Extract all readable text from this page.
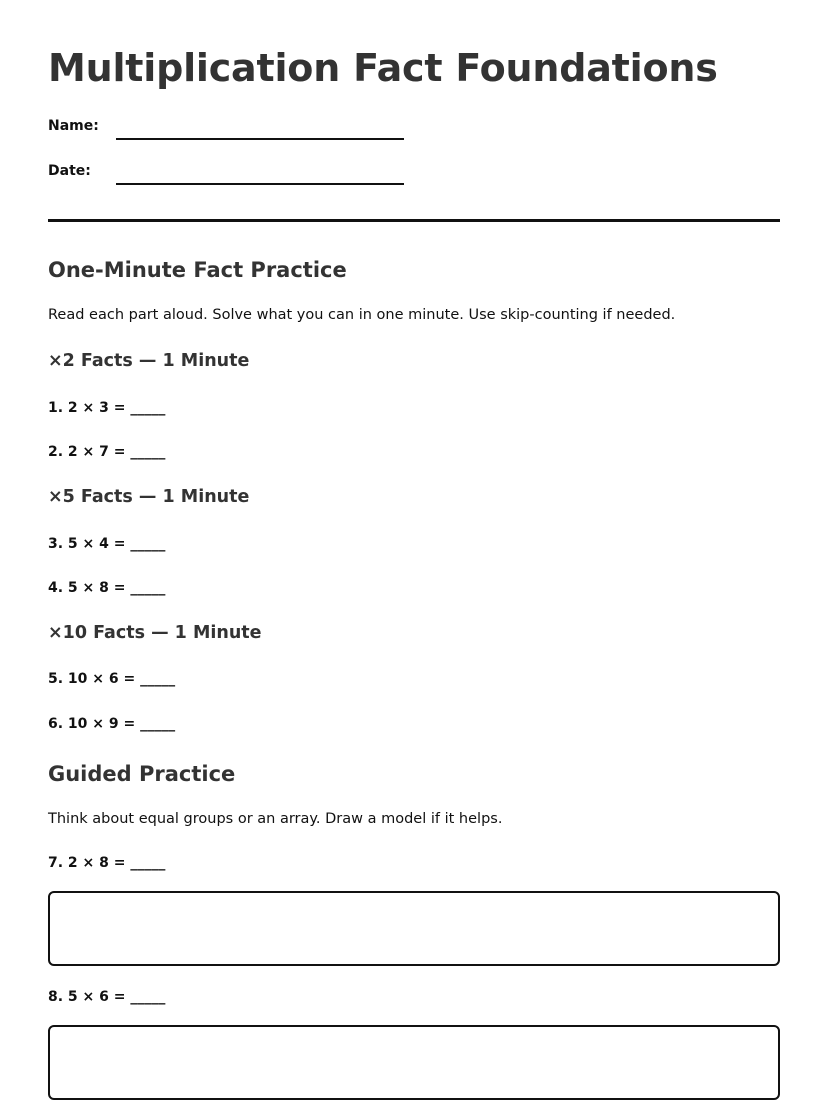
Multiplication Fact Foundations
Name:
Date:
One-Minute Fact Practice
Read each part aloud. Solve what you can in one minute. Use skip-counting if needed.
×2 Facts — 1 Minute
1. 2 × 3 = _____
2. 2 × 7 = _____
×5 Facts — 1 Minute
3. 5 × 4 = _____
4. 5 × 8 = _____
×10 Facts — 1 Minute
5. 10 × 6 = _____
6. 10 × 9 = _____
Guided Practice
Think about equal groups or an array. Draw a model if it helps.
7. 2 × 8 = _____
8. 5 × 6 = _____
